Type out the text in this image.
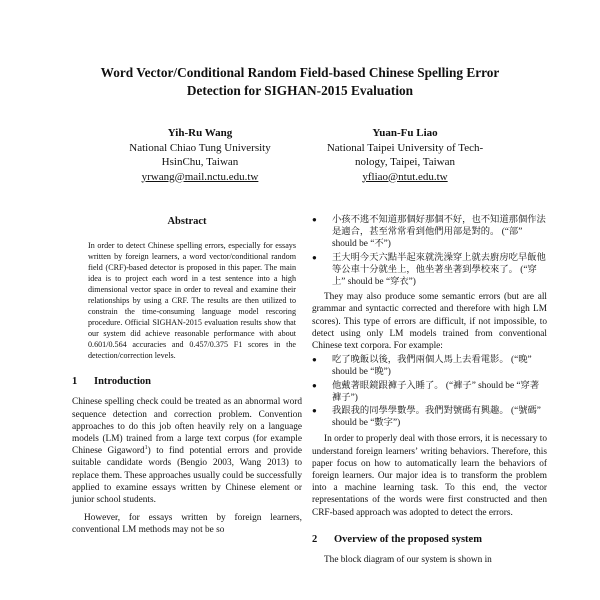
Word Vector/Conditional Random Field-based Chinese Spelling Error
Detection for SIGHAN-2015 Evaluation
Yih-Ru Wang
National Chiao Tung University
HsinChu, Taiwan
yrwang@mail.nctu.edu.tw
Yuan-Fu Liao
National Taipei University of Tech-
nology, Taipei, Taiwan
yfliao@ntut.edu.tw
Abstract

In order to detect Chinese spelling errors, especially for essays written by foreign learners, a word vector/conditional random field (CRF)-based detector is proposed in this paper. The main idea is to project each word in a test sentence into a high dimensional vector space in order to reveal and examine their relationships by using a CRF. The results are then utilized to constrain the time-consuming language model rescoring procedure. Official SIGHAN-2015 evaluation results show that our system did achieve reasonable performance with about 0.601/0.564 accuracies and 0.457/0.375 F1 scores in the detection/correction levels.

1	Introduction

Chinese spelling check could be treated as an abnormal word sequence detection and correction problem. Convention approaches to do this job often heavily rely on a language models (LM) trained from a large text corpus (for example Chinese Gigaword$^1$) to find potential errors and provide suitable candidate words (Bengio 2003, Wang 2013) to replace them. These approaches usually could be successfully applied to examine essays written by Chinese element or junior school students.

However, for essays written by foreign learners, conventional LM methods may not be so

● 小孩不逃不知道那個好那個不好，也不知道那個作法是適合，甚至常常看到他們用部是對的。 (“部” should be “不”)
● 王大明今天六點半起來就洗澡穿上就去廚房吃早飯他等公車十分就坐上，他坐著坐著到學校來了。 (“穿上” should be “穿衣”)

They may also produce some semantic errors (but are all grammar and syntactic corrected and therefore with high LM scores). This type of errors are difficult, if not impossible, to detect using only LM models trained from conventional Chinese text corpora. For example:

● 吃了晚飯以後，我們兩個人馬上去看電影。 (“晚” should be “晚”)
● 他戴著眼鏡跟褲子入睡了。 (“褲子” should be “穿著褲子”)
● 我跟我的同學學數學。我們對號碼有興趣。 (“號碼” should be “數字”)

In order to properly deal with those errors, it is necessary to understand foreign learners’ writing behaviors. Therefore, this paper focus on how to automatically learn the behaviors of foreign learners. Our major idea is to transform the problem into a machine learning task. To this end, the vector representations of the words were first constructed and then CRF-based approach was adopted to detect the errors.

2	Overview of the proposed system

The block diagram of our system is shown in
